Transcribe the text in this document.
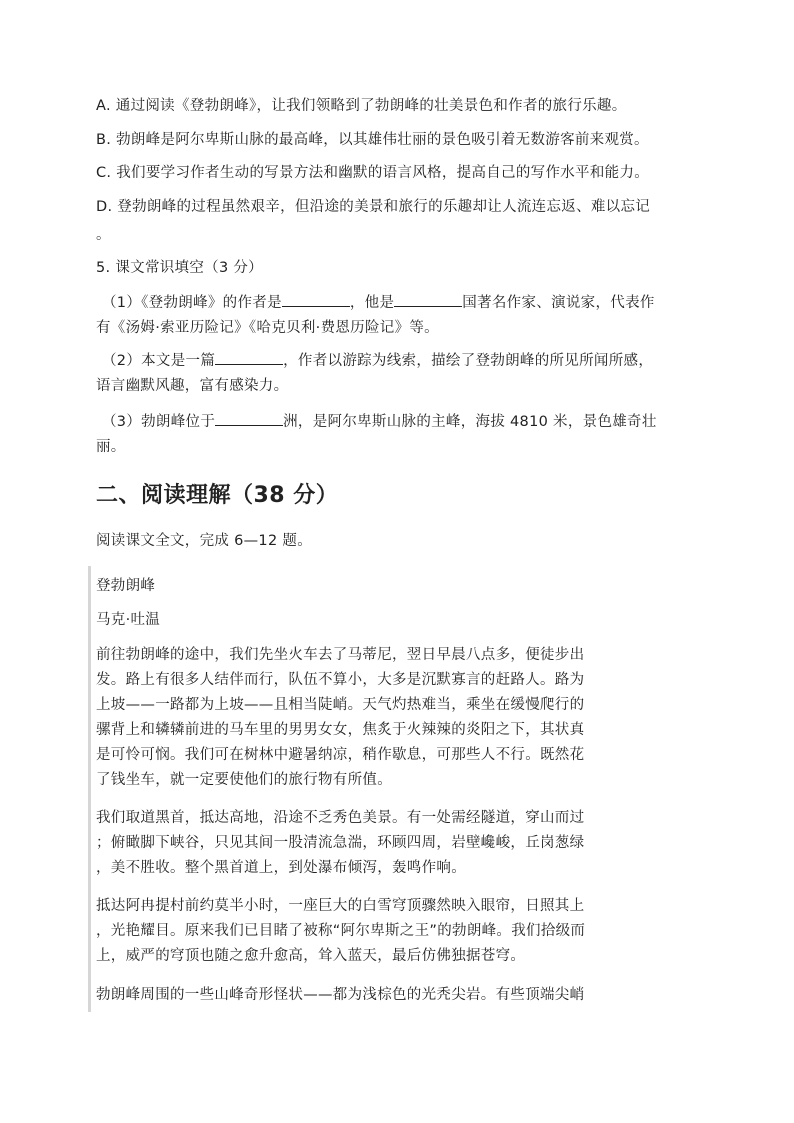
A. 通过阅读《登勃朗峰》，让我们领略到了勃朗峰的壮美景色和作者的旅行乐趣。

B. 勃朗峰是阿尔卑斯山脉的最高峰，以其雄伟壮丽的景色吸引着无数游客前来观赏。

C. 我们要学习作者生动的写景方法和幽默的语言风格，提高自己的写作水平和能力。

D. 登勃朗峰的过程虽然艰辛，但沿途的美景和旅行的乐趣却让人流连忘返、难以忘记

。

5. 课文常识填空（3 分）

（1）《登勃朗峰》的作者是	，他是	国著名作家、演说家，代表作

有《汤姆·索亚历险记》《哈克贝利·费恩历险记》等。

（2）本文是一篇	，作者以游踪为线索，描绘了登勃朗峰的所见所闻所感，

语言幽默风趣，富有感染力。

（3）勃朗峰位于	洲，是阿尔卑斯山脉的主峰，海拔 4810 米，景色雄奇壮

丽。

二、阅读理解（38 分）

阅读课文全文，完成 6—12 题。

登勃朗峰

马克·吐温

前往勃朗峰的途中，我们先坐火车去了马蒂尼，翌日早晨八点多，便徒步出

发。路上有很多人结伴而行，队伍不算小，大多是沉默寡言的赶路人。路为

上坡——一路都为上坡——且相当陡峭。天气灼热难当，乘坐在缓慢爬行的

骡背上和辚辚前进的马车里的男男女女，焦炙于火辣辣的炎阳之下，其状真

是可怜可悯。我们可在树林中避暑纳凉，稍作歇息，可那些人不行。既然花

了钱坐车，就一定要使他们的旅行物有所值。

我们取道黑首，抵达高地，沿途不乏秀色美景。有一处需经隧道，穿山而过

；俯瞰脚下峡谷，只见其间一股清流急湍，环顾四周，岩壁巉峻，丘岗葱绿

，美不胜收。整个黑首道上，到处瀑布倾泻，轰鸣作响。

抵达阿冉提村前约莫半小时，一座巨大的白雪穹顶骤然映入眼帘，日照其上

，光艳耀目。原来我们已目睹了被称“阿尔卑斯之王”的勃朗峰。我们拾级而

上，威严的穹顶也随之愈升愈高，耸入蓝天，最后仿佛独据苍穹。

勃朗峰周围的一些山峰奇形怪状——都为浅棕色的光秃尖岩。有些顶端尖峭
